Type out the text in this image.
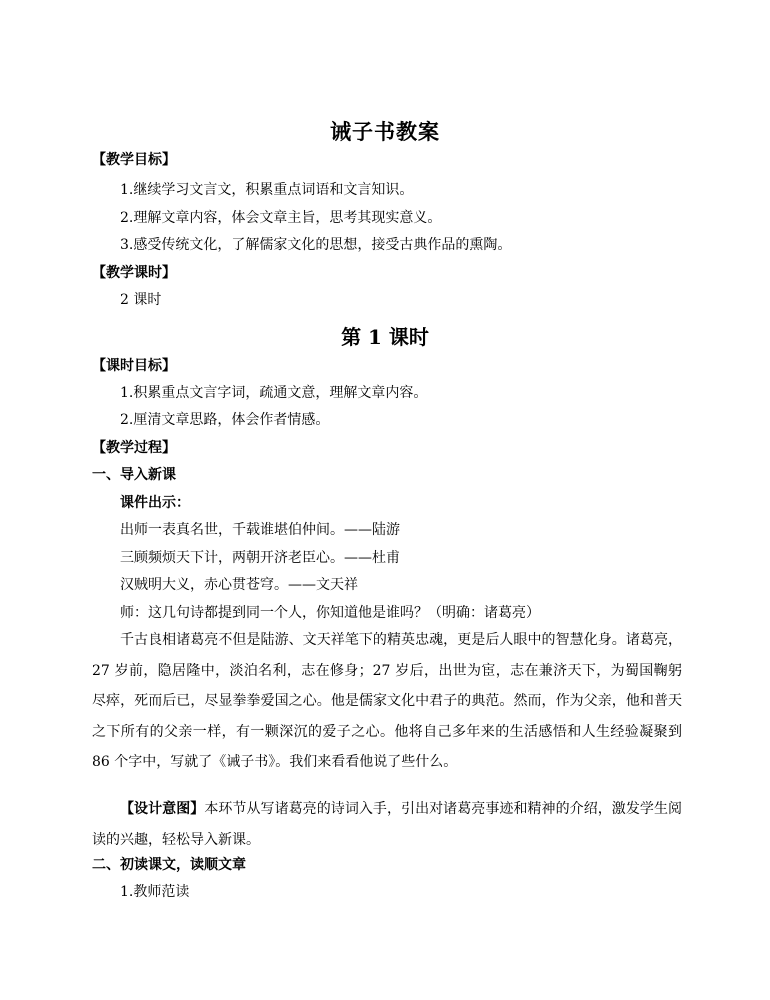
诫子书教案

【教学目标】

1.继续学习文言文，积累重点词语和文言知识。

2.理解文章内容，体会文章主旨，思考其现实意义。

3.感受传统文化，了解儒家文化的思想，接受古典作品的熏陶。

【教学课时】

2 课时

第 1 课时

【课时目标】

1.积累重点文言字词，疏通文意，理解文章内容。

2.厘清文章思路，体会作者情感。

【教学过程】

一、导入新课

课件出示：

出师一表真名世，千载谁堪伯仲间。——陆游

三顾频烦天下计，两朝开济老臣心。——杜甫

汉贼明大义，赤心贯苍穹。——文天祥

师：这几句诗都提到同一个人，你知道他是谁吗？（明确：诸葛亮）

千古良相诸葛亮不但是陆游、文天祥笔下的精英忠魂，更是后人眼中的智慧化身。诸葛亮，27 岁前，隐居隆中，淡泊名利，志在修身；27 岁后，出世为宦，志在兼济天下，为蜀国鞠躬尽瘁，死而后已，尽显拳拳爱国之心。他是儒家文化中君子的典范。然而，作为父亲，他和普天之下所有的父亲一样，有一颗深沉的爱子之心。他将自己多年来的生活感悟和人生经验凝聚到 86 个字中，写就了《诫子书》。我们来看看他说了些什么。

【设计意图】本环节从写诸葛亮的诗词入手，引出对诸葛亮事迹和精神的介绍，激发学生阅读的兴趣，轻松导入新课。

二、初读课文，读顺文章

1.教师范读
